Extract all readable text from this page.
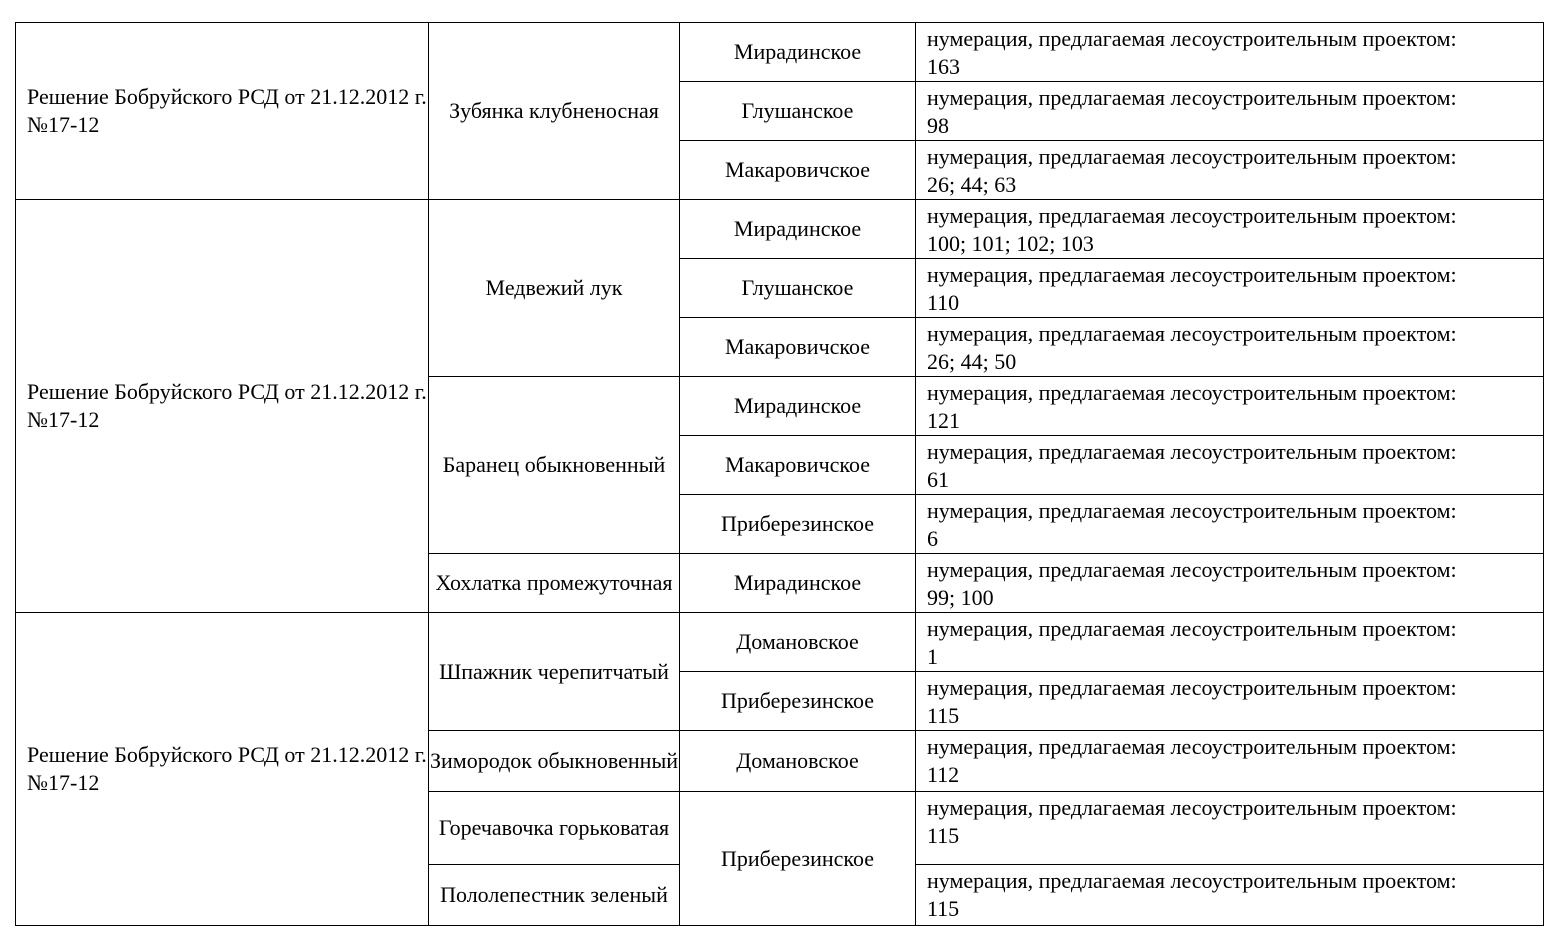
Решение Бобруйского РСД от 21.12.2012 г. №17-12	Зубянка клубненосная	Мирадинское	нумерация, предлагаемая лесоустроительным проектом:
163

		Глушанское	нумерация, предлагаемая лесоустроительным проектом:
98

		Макаровичское	нумерация, предлагаемая лесоустроительным проектом:
26; 44; 63

Решение Бобруйского РСД от 21.12.2012 г. №17-12	Медвежий лук	Мирадинское	нумерация, предлагаемая лесоустроительным проектом:
100; 101; 102; 103

		Глушанское	нумерация, предлагаемая лесоустроительным проектом:
110

		Макаровичское	нумерация, предлагаемая лесоустроительным проектом:
26; 44; 50

	Баранец обыкновенный	Мирадинское	нумерация, предлагаемая лесоустроительным проектом:
121

		Макаровичское	нумерация, предлагаемая лесоустроительным проектом:
61

		Приберезинское	нумерация, предлагаемая лесоустроительным проектом:
6

	Хохлатка промежуточная	Мирадинское	нумерация, предлагаемая лесоустроительным проектом:
99; 100

Решение Бобруйского РСД от 21.12.2012 г. №17-12	Шпажник черепитчатый	Домановское	нумерация, предлагаемая лесоустроительным проектом:
1

		Приберезинское	нумерация, предлагаемая лесоустроительным проектом:
115

	Зимородок обыкновенный	Домановское	нумерация, предлагаемая лесоустроительным проектом:
112

	Горечавочка горьковатая	Приберезинское	нумерация, предлагаемая лесоустроительным проектом:
115

	Пололепестник зеленый		нумерация, предлагаемая лесоустроительным проектом:
115
